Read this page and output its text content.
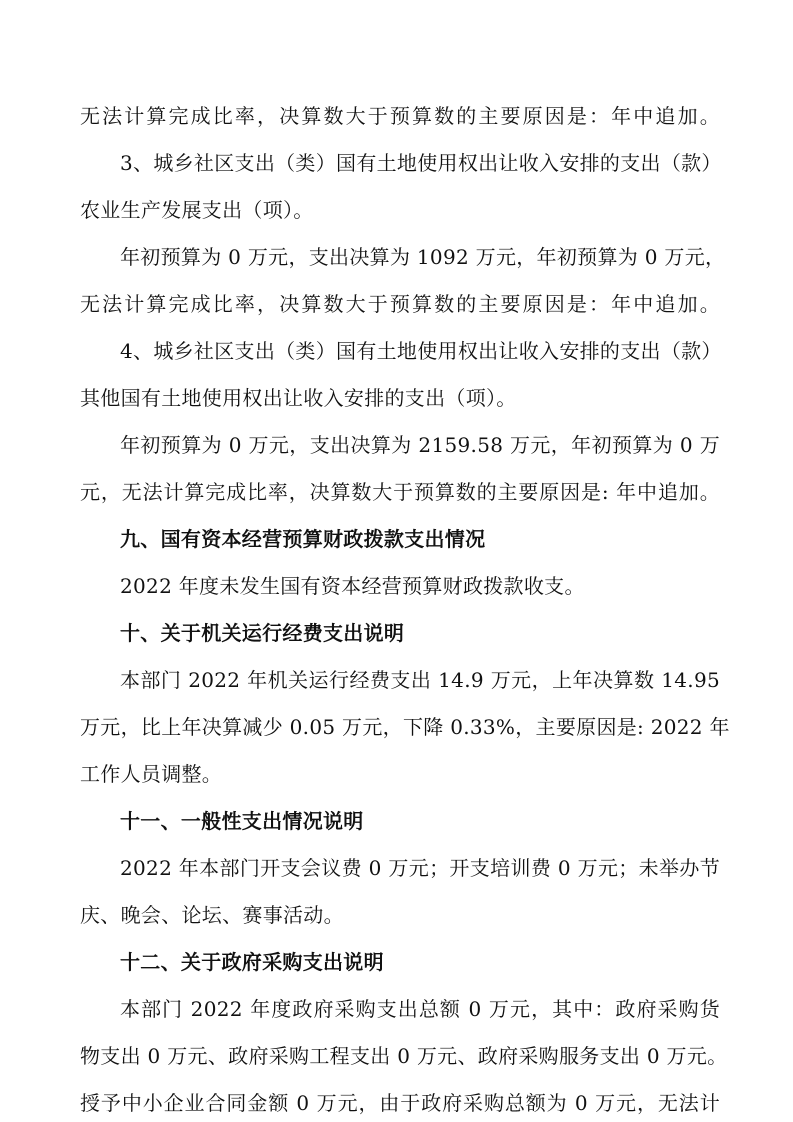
无法计算完成比率，决算数大于预算数的主要原因是：年中追加。
3、城乡社区支出（类）国有土地使用权出让收入安排的支出（款）
农业生产发展支出（项）。
年初预算为 0 万元，支出决算为 1092 万元，年初预算为 0 万元，
无法计算完成比率，决算数大于预算数的主要原因是：年中追加。
4、城乡社区支出（类）国有土地使用权出让收入安排的支出（款）
其他国有土地使用权出让收入安排的支出（项）。
年初预算为 0 万元，支出决算为 2159.58 万元，年初预算为 0 万
元，无法计算完成比率，决算数大于预算数的主要原因是: 年中追加。
九、国有资本经营预算财政拨款支出情况
2022 年度未发生国有资本经营预算财政拨款收支。
十、关于机关运行经费支出说明
本部门 2022 年机关运行经费支出 14.9 万元，上年决算数 14.95
万元，比上年决算减少 0.05 万元，下降 0.33%，主要原因是: 2022 年
工作人员调整。
十一、一般性支出情况说明
2022 年本部门开支会议费 0 万元；开支培训费 0 万元；未举办节
庆、晚会、论坛、赛事活动。
十二、关于政府采购支出说明
本部门 2022 年度政府采购支出总额 0 万元，其中：政府采购货
物支出 0 万元、政府采购工程支出 0 万元、政府采购服务支出 0 万元。
授予中小企业合同金额 0 万元，由于政府采购总额为 0 万元，无法计
